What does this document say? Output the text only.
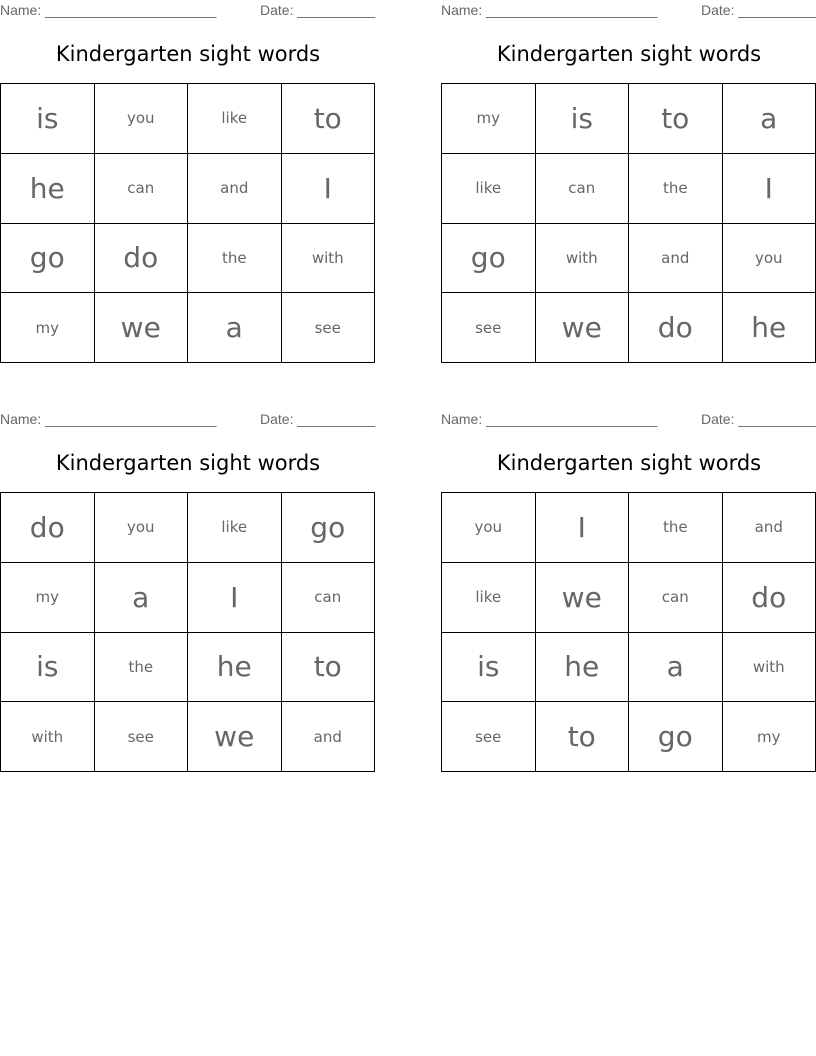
Name: ______________________	Date: __________
Kindergarten sight words
is	you	like	to
he	can	and	I
go	do	the	with
my	we	a	see
Name: ______________________	Date: __________
Kindergarten sight words
my	is	to	a
like	can	the	I
go	with	and	you
see	we	do	he
Name: ______________________	Date: __________
Kindergarten sight words
do	you	like	go
my	a	I	can
is	the	he	to
with	see	we	and
Name: ______________________	Date: __________
Kindergarten sight words
you	I	the	and
like	we	can	do
is	he	a	with
see	to	go	my
